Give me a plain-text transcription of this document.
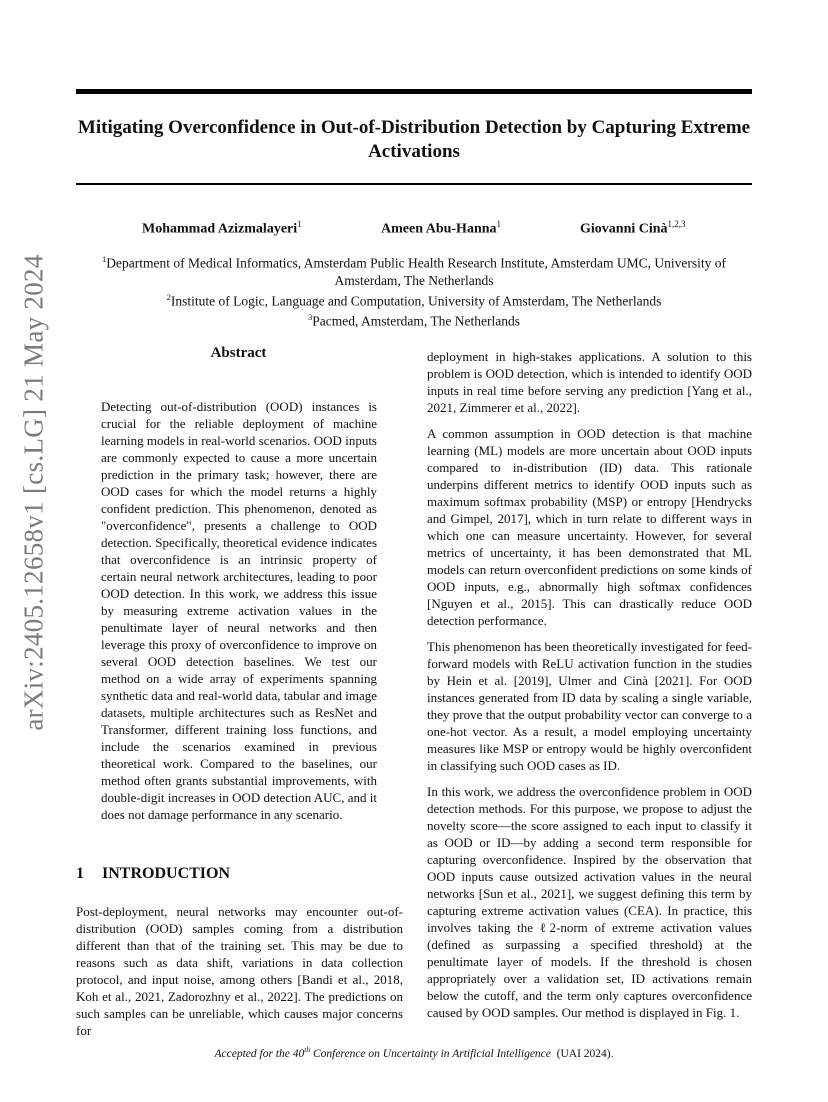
arXiv:2405.12658v1 [cs.LG] 21 May 2024
Mitigating Overconfidence in Out-of-Distribution Detection by Capturing Extreme Activations
Mohammad Azizmalayeri$^1$	Ameen Abu-Hanna$^1$	Giovanni Cinà$^{1,2,3}$
$^1$Department of Medical Informatics, Amsterdam Public Health Research Institute, Amsterdam UMC, University of Amsterdam, The Netherlands
$^2$Institute of Logic, Language and Computation, University of Amsterdam, The Netherlands
$^3$Pacmed, Amsterdam, The Netherlands
Abstract
Detecting out-of-distribution (OOD) instances is crucial for the reliable deployment of machine learning models in real-world scenarios. OOD inputs are commonly expected to cause a more uncertain prediction in the primary task; however, there are OOD cases for which the model returns a highly confident prediction. This phenomenon, denoted as "overconfidence", presents a challenge to OOD detection. Specifically, theoretical evidence indicates that overconfidence is an intrinsic property of certain neural network architectures, leading to poor OOD detection. In this work, we address this issue by measuring extreme activation values in the penultimate layer of neural networks and then leverage this proxy of overconfidence to improve on several OOD detection baselines. We test our method on a wide array of experiments spanning synthetic data and real-world data, tabular and image datasets, multiple architectures such as ResNet and Transformer, different training loss functions, and include the scenarios examined in previous theoretical work. Compared to the baselines, our method often grants substantial improvements, with double-digit increases in OOD detection AUC, and it does not damage performance in any scenario.
1 INTRODUCTION
Post-deployment, neural networks may encounter out-of-distribution (OOD) samples coming from a distribution different than that of the training set. This may be due to reasons such as data shift, variations in data collection protocol, and input noise, among others [Bandi et al., 2018, Koh et al., 2021, Zadorozhny et al., 2022]. The predictions on such samples can be unreliable, which causes major concerns for

deployment in high-stakes applications. A solution to this problem is OOD detection, which is intended to identify OOD inputs in real time before serving any prediction [Yang et al., 2021, Zimmerer et al., 2022].

A common assumption in OOD detection is that machine learning (ML) models are more uncertain about OOD inputs compared to in-distribution (ID) data. This rationale underpins different metrics to identify OOD inputs such as maximum softmax probability (MSP) or entropy [Hendrycks and Gimpel, 2017], which in turn relate to different ways in which one can measure uncertainty. However, for several metrics of uncertainty, it has been demonstrated that ML models can return overconfident predictions on some kinds of OOD inputs, e.g., abnormally high softmax confidences [Nguyen et al., 2015]. This can drastically reduce OOD detection performance.

This phenomenon has been theoretically investigated for feed-forward models with ReLU activation function in the studies by Hein et al. [2019], Ulmer and Cinà [2021]. For OOD instances generated from ID data by scaling a single variable, they prove that the output probability vector can converge to a one-hot vector. As a result, a model employing uncertainty measures like MSP or entropy would be highly overconfident in classifying such OOD cases as ID.

In this work, we address the overconfidence problem in OOD detection methods. For this purpose, we propose to adjust the novelty score—the score assigned to each input to classify it as OOD or ID—by adding a second term responsible for capturing overconfidence. Inspired by the observation that OOD inputs cause outsized activation values in the neural networks [Sun et al., 2021], we suggest defining this term by capturing extreme activation values (CEA). In practice, this involves taking the ℓ2-norm of extreme activation values (defined as surpassing a specified threshold) at the penultimate layer of models. If the threshold is chosen appropriately over a validation set, ID activations remain below the cutoff, and the term only captures overconfidence caused by OOD samples. Our method is displayed in Fig. 1.

Accepted for the 40th Conference on Uncertainty in Artificial Intelligence (UAI 2024).
